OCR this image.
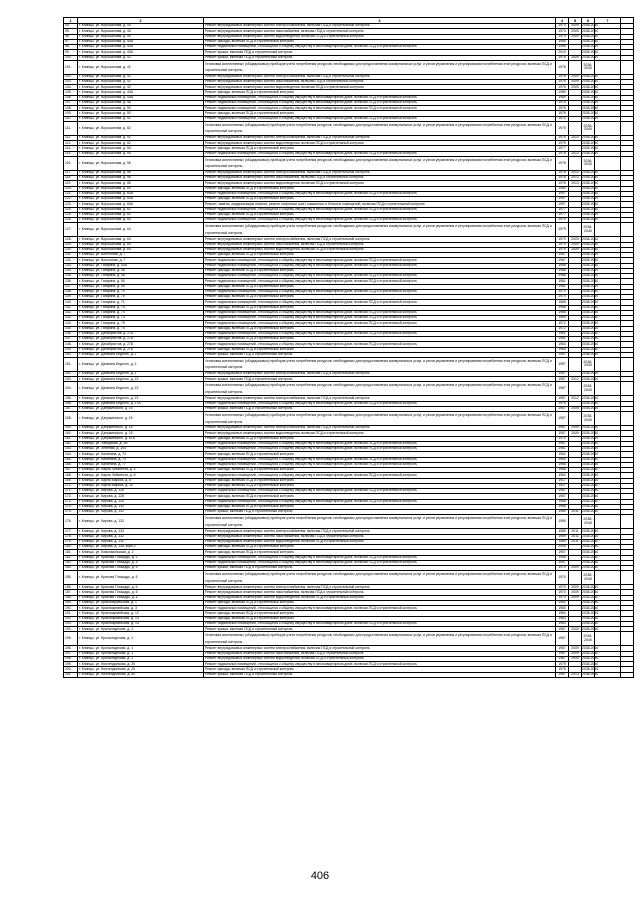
1	2	3	4	5	6	7	
94.	г. Клинцы, ул. Ворошилова, д. 40	Ремонт внутридомовых инженерных систем электроснабжения, включая ПСД и строительный контроль	1973	2009	2038-2040		
95.	г. Клинцы, ул. Ворошилова, д. 40	Ремонт внутридомовых инженерных систем газоснабжения, включая ПСД и строительный контроль	1973	2009	2038-2040		
96.	г. Клинцы, ул. Ворошилова, д. 40	Ремонт внутридомовых инженерных систем водоотведения, включая ПСД и строительный контроль	1973	2009	2038-2040		
97.	г. Клинцы, ул. Ворошилова, д. 40А	Ремонт фасада, включая ПСД и строительный контроль	1985		2038-2040		
98.	г. Клинцы, ул. Ворошилова, д. 40А	Ремонт подвальных помещений, относящихся к общему имуществу в многоквартирном доме, включая ПСД и строительный контроль	1985		2038-2040		
99.	г. Клинцы, ул. Ворошилова, д. 40А	Ремонт крыши, включая ПСД и строительный контроль	2019		2038-2040		
100.	г. Клинцы, ул. Ворошилова, д. 42	Ремонт крыши, включая ПСД и строительный контроль	1976	2009	2038-2040		
101.	г. Клинцы, ул. Ворошилова, д. 42	Установка коллективных (общедомовых) приборов учета потребления ресурсов, необходимых для предоставления коммунальных услуг, и узлов управления и регулирования потребления этих ресурсов, включая ПСД и строительный контроль	1976		2038-2040		
102.	г. Клинцы, ул. Ворошилова, д. 42	Ремонт внутридомовых инженерных систем электроснабжения, включая ПСД и строительный контроль	1976	2009	2038-2040		
103.	г. Клинцы, ул. Ворошилова, д. 42	Ремонт внутридомовых инженерных систем газоснабжения, включая ПСД и строительный контроль	1976	2009	2038-2040		
104.	г. Клинцы, ул. Ворошилова, д. 42	Ремонт внутридомовых инженерных систем водоотведения, включая ПСД и строительный контроль	1976	2009	2038-2040		
105.	г. Клинцы, ул. Ворошилова, д. 44А	Ремонт фасада, включая ПСД и строительный контроль	1989		2038-2040		
106.	г. Клинцы, ул. Ворошилова, д. 44А	Ремонт подвальных помещений, относящихся к общему имуществу в многоквартирном доме, включая ПСД и строительный контроль	1989		2038-2040		
107.	г. Клинцы, ул. Ворошилова, д. 48	Ремонт подвальных помещений, относящихся к общему имуществу в многоквартирном доме, включая ПСД и строительный контроль	1975		2038-2040		
108.	г. Клинцы, ул. Ворошилова, д. 50	Ремонт подвальных помещений, относящихся к общему имуществу в многоквартирном доме, включая ПСД и строительный контроль	1975		2038-2040		
109.	г. Клинцы, ул. Ворошилова, д. 50	Ремонт фасада, включая ПСД и строительный контроль	1975		2038-2040		
110.	г. Клинцы, ул. Ворошилова, д. 52	Ремонт подвальных помещений, относящихся к общему имуществу в многоквартирном доме, включая ПСД и строительный контроль	1975		2038-2040		
111.	г. Клинцы, ул. Ворошилова, д. 52	Установка коллективных (общедомовых) приборов учета потребления ресурсов, необходимых для предоставления коммунальных услуг, и узлов управления и регулирования потребления этих ресурсов, включая ПСД и строительный контроль	1975		2038-2040		
112.	г. Клинцы, ул. Ворошилова, д. 52	Ремонт внутридомовых инженерных систем электроснабжения, включая ПСД и строительный контроль	1975	2010	2038-2040		
113.	г. Клинцы, ул. Ворошилова, д. 52	Ремонт внутридомовых инженерных систем водоотведения, включая ПСД и строительный контроль	1975		2038-2040		
114.	г. Клинцы, ул. Ворошилова, д. 54	Ремонт фасада, включая ПСД и строительный контроль	1977		2038-2040		
115.	г. Клинцы, ул. Ворошилова, д. 54	Ремонт подвальных помещений, относящихся к общему имуществу в многоквартирном доме, включая ПСД и строительный контроль	1978	2013	2038-2040		
116.	г. Клинцы, ул. Ворошилова, д. 56	Установка коллективных (общедомовых) приборов учета потребления ресурсов, необходимых для предоставления коммунальных услуг, и узлов управления и регулирования потребления этих ресурсов, включая ПСД и строительный контроль	1978		2038-2040		
117.	г. Клинцы, ул. Ворошилова, д. 56	Ремонт внутридомовых инженерных систем электроснабжения, включая ПСД и строительный контроль	1978	2013	2038-2040		
118.	г. Клинцы, ул. Ворошилова, д. 56	Ремонт внутридомовых инженерных систем газоснабжения, включая ПСД и строительный контроль	1978	2013	2038-2040		
119.	г. Клинцы, ул. Ворошилова, д. 56	Ремонт внутридомовых инженерных систем водоотведения, включая ПСД и строительный контроль	1978	2013	2038-2040		
120.	г. Клинцы, ул. Ворошилова, д. 60	Ремонт фасада, включая ПСД и строительный контроль	1980		2038-2040		
121.	г. Клинцы, ул. Ворошилова, д. 60А	Ремонт подвальных помещений, относящихся к общему имуществу в многоквартирном доме, включая ПСД и строительный контроль	1997		2038-2040		
122.	г. Клинцы, ул. Ворошилова, д. 60А	Ремонт фасада, включая ПСД и строительный контроль	1997		2038-2040		
123.	г. Клинцы, ул. Ворошилова, д. 60А	Ремонт, замена, модернизация лифтов, ремонт лифтовых шахт, машинных и блочных помещений, включая ПСД и строительный контроль	1997		2038-2040		
124.	г. Клинцы, ул. Ворошилова, д. 62	Ремонт подвальных помещений, относящихся к общему имуществу в многоквартирном доме, включая ПСД и строительный контроль	1977		2038-2040		
125.	г. Клинцы, ул. Ворошилова, д. 62	Ремонт фасада, включая ПСД и строительный контроль	1977		2038-2040		
126.	г. Клинцы, ул. Ворошилова, д. 64	Ремонт подвальных помещений, относящихся к общему имуществу в многоквартирном доме, включая ПСД и строительный контроль	1979		2038-2040		
127.	г. Клинцы, ул. Ворошилова, д. 64	Установка коллективных (общедомовых) приборов учета потребления ресурсов, необходимых для предоставления коммунальных услуг, и узлов управления и регулирования потребления этих ресурсов, включая ПСД и строительный контроль	1979		2038-2040		
128.	г. Клинцы, ул. Ворошилова, д. 64	Ремонт внутридомовых инженерных систем электроснабжения, включая ПСД и строительный контроль	1979	2009	2038-2040		
129.	г. Клинцы, ул. Ворошилова, д. 64	Ремонт внутридомовых инженерных систем газоснабжения, включая ПСД и строительный контроль	1979	2009	2038-2040		
130.	г. Клинцы, ул. Ворошилова, д. 64	Ремонт внутридомовых инженерных систем водоотведения, включая ПСД и строительный контроль	1979	2009	2038-2040		
131.	г. Клинцы, ул. Восточная, д. 7	Ремонт фасада, включая ПСД и строительный контроль	1967		2038-2040		
132.	г. Клинцы, ул. Восточная, д. 7	Ремонт подвальных помещений, относящихся к общему имуществу в многоквартирном доме, включая ПСД и строительный контроль	1967		2038-2040		
133.	г. Клинцы, ул. Гагарина, д. 44А	Ремонт подвальных помещений, относящихся к общему имуществу в многоквартирном доме, включая ПСД и строительный контроль	1958		2038-2040		
134.	г. Клинцы, ул. Гагарина, д. 48	Ремонт фасада, включая ПСД и строительный контроль	1988		2038-2040		
135.	г. Клинцы, ул. Гагарина, д. 48	Ремонт подвальных помещений, относящихся к общему имуществу в многоквартирном доме, включая ПСД и строительный контроль	1988		2038-2040		
136.	г. Клинцы, ул. Гагарина, д. 50	Ремонт подвальных помещений, относящихся к общему имуществу в многоквартирном доме, включая ПСД и строительный контроль	1981		2038-2040		
137.	г. Клинцы, ул. Гагарина, д. 50	Ремонт фасада, включая ПСД и строительный контроль	1981		2038-2040		
138.	г. Клинцы, ул. Гагарина, д. 70	Ремонт подвальных помещений, относящихся к общему имуществу в многоквартирном доме, включая ПСД и строительный контроль	1970		2038-2040		
139.	г. Клинцы, ул. Гагарина, д. 70	Ремонт фасада, включая ПСД и строительный контроль	1970		2038-2040		
140.	г. Клинцы, ул. Гагарина, д. 71	Ремонт подвальных помещений, относящихся к общему имуществу в многоквартирном доме, включая ПСД и строительный контроль	1965		2038-2040		
141.	г. Клинцы, ул. Гагарина, д. 74	Ремонт фасада, включая ПСД и строительный контроль	1966		2038-2040		
142.	г. Клинцы, ул. Гагарина, д. 74	Ремонт подвальных помещений, относящихся к общему имуществу в многоквартирном доме, включая ПСД и строительный контроль	1966		2038-2040		
143.	г. Клинцы, ул. Гагарина, д. 74	Ремонт подвальных помещений, относящихся к общему имуществу в многоквартирном доме, включая ПСД и строительный контроль	1969		2038-2040		
144.	г. Клинцы, ул. Гагарина, д. 75	Ремонт подвальных помещений, относящихся к общему имуществу в многоквартирном доме, включая ПСД и строительный контроль	1972		2038-2040		
145.	г. Клинцы, ул. Гагарина, д. 75	Ремонт фасада, включая ПСД и строительный контроль	1972		2038-2040		
146.	г. Клинцы, ул. Декабристов, д. 27А	Ремонт подвальных помещений, относящихся к общему имуществу в многоквартирном доме, включая ПСД и строительный контроль	1961		2038-2040		
147.	г. Клинцы, ул. Декабристов, д. 27А	Ремонт фасада, включая ПСД и строительный контроль	1961		2038-2040		
148.	г. Клинцы, ул. Декабристов, д. 27Б	Ремонт подвальных помещений, относящихся к общему имуществу в многоквартирном доме, включая ПСД и строительный контроль	1964		2038-2040		
149.	г. Клинцы, ул. Декабристов, д. 27Б	Ремонт фасада, включая ПСД и строительный контроль	1964		2038-2040		
150.	г. Клинцы, ул. Демьяна Бедного, д. 2	Ремонт крыши, включая ПСД и строительный контроль	1957		2038-2040		
151.	г. Клинцы, ул. Демьяна Бедного, д. 2	Установка коллективных (общедомовых) приборов учета потребления ресурсов, необходимых для предоставления коммунальных услуг, и узлов управления и регулирования потребления этих ресурсов, включая ПСД и строительный контроль	1957		2038-2040		
152.	г. Клинцы, ул. Демьяна Бедного, д. 2	Ремонт внутридомовых инженерных систем электроснабжения, включая ПСД и строительный контроль	1957		2038-2040		
153.	г. Клинцы, ул. Демьяна Бедного, д. 23	Ремонт крыши, включая ПСД и строительный контроль	1987	2012	2038-2040		
154.	г. Клинцы, ул. Демьяна Бедного, д. 23	Установка коллективных (общедомовых) приборов учета потребления ресурсов, необходимых для предоставления коммунальных услуг, и узлов управления и регулирования потребления этих ресурсов, включая ПСД и строительный контроль	1987		2038-2040		
155.	г. Клинцы, ул. Демьяна Бедного, д. 23	Ремонт внутридомовых инженерных систем электроснабжения, включая ПСД и строительный контроль	1987	2012	2038-2040		
156.	г. Клинцы, ул. Демьяна Бедного, д. 27А	Ремонт подвальных помещений, относящихся к общему имуществу в многоквартирном доме, включая ПСД и строительный контроль	1976		2038-2040		
157.	г. Клинцы, ул. Дзержинского, д. 15	Ремонт крыши, включая ПСД и строительный контроль	1957	2009	2038-2040		
158.	г. Клинцы, ул. Дзержинского, д. 15	Установка коллективных (общедомовых) приборов учета потребления ресурсов, необходимых для предоставления коммунальных услуг, и узлов управления и регулирования потребления этих ресурсов, включая ПСД и строительный контроль	1957		2038-2040		
159.	г. Клинцы, ул. Дзержинского, д. 15	Ремонт внутридомовых инженерных систем электроснабжения, включая ПСД и строительный контроль	1957	2009	2038-2040		
160.	г. Клинцы, ул. Дзержинского, д. 15	Ремонт внутридомовых инженерных систем водоотведения, включая ПСД и строительный контроль	1957	2009	2038-2040		
161.	г. Клинцы, ул. Дзержинского, д. 67А	Ремонт фасада, включая ПСД и строительный контроль	1970		2038-2040		
162.	г. Клинцы, ул. Заводская, д. 3А	Ремонт подвальных помещений, относящихся к общему имуществу в многоквартирном доме, включая ПСД и строительный контроль	1967		2038-2040		
163.	г. Клинцы, ул. Зеленая, д. 104	Ремонт подвальных помещений, относящихся к общему имуществу в многоквартирном доме, включая ПСД и строительный контроль	1961		2038-2040		
164.	г. Клинцы, ул. Калинина, д. 74	Ремонт фасада, включая ПСД и строительный контроль	1962		2038-2040		
165.	г. Клинцы, ул. Калинина, д. 74	Ремонт подвальных помещений, относящихся к общему имуществу в многоквартирном доме, включая ПСД и строительный контроль	1960		2038-2040		
166.	г. Клинцы, ул. Калинина, д. 77	Ремонт подвальных помещений, относящихся к общему имуществу в многоквартирном доме, включая ПСД и строительный контроль	1958		2038-2040		
167.	г. Клинцы, ул. Карла Либкнехта, д. 4	Ремонт фасада, включая ПСД и строительный контроль	1966		2038-2040		
168.	г. Клинцы, ул. Карла Либкнехта, д. 6	Ремонт подвальных помещений, относящихся к общему имуществу в многоквартирном доме, включая ПСД и строительный контроль	1960		2038-2040		
169.	г. Клинцы, ул. Карла Маркса, д. 8	Ремонт фасада, включая ПСД и строительный контроль	1917		2038-2040		
170.	г. Клинцы, ул. Карла Маркса, д. 10	Ремонт фасада, включая ПСД и строительный контроль	1917		2038-2040		
171.	г. Клинцы, ул. Кирова, д. 128	Ремонт подвальных помещений, относящихся к общему имуществу в многоквартирном доме, включая ПСД и строительный контроль	1967		2038-2040		
172.	г. Клинцы, ул. Кирова, д. 128	Ремонт фасада, включая ПСД и строительный контроль	1967		2038-2040		
173.	г. Клинцы, ул. Кирова, д. 130	Ремонт подвальных помещений, относящихся к общему имуществу в многоквартирном доме, включая ПСД и строительный контроль	1968		2038-2040		
174.	г. Клинцы, ул. Кирова, д. 130	Ремонт фасада, включая ПСД и строительный контроль	1968		2038-2040		
175.	г. Клинцы, ул. Кирова, д. 132	Ремонт крыши, включая ПСД и строительный контроль	1989	2011	2038-2040		
176.	г. Клинцы, ул. Кирова, д. 132	Установка коллективных (общедомовых) приборов учета потребления ресурсов, необходимых для предоставления коммунальных услуг, и узлов управления и регулирования потребления этих ресурсов, включая ПСД и строительный контроль	1989		2038-2040		
177.	г. Клинцы, ул. Кирова, д. 132	Ремонт внутридомовых инженерных систем электроснабжения, включая ПСД и строительный контроль	1989	2011	2038-2040		
178.	г. Клинцы, ул. Кирова, д. 132	Ремонт внутридомовых инженерных систем газоснабжения, включая ПСД и строительный контроль	1989	2011	2038-2040		
179.	г. Клинцы, ул. Кирова, д. 132	Ремонт внутридомовых инженерных систем водоотведения, включая ПСД и строительный контроль	1989	2011	2038-2040		
180.	г. Клинцы, ул. Кирова, д. 138, корп.2	Ремонт фасада, включая ПСД и строительный контроль	2006		2038-2040		
181.	г. Клинцы, ул. Комсомольская, д. 2	Ремонт фасада, включая ПСД и строительный контроль	1957		2038-2040		
182.	г. Клинцы, ул. Красная Площадь, д. 2	Ремонт подвальных помещений, относящихся к общему имуществу в многоквартирном доме, включая ПСД и строительный контроль	1956		2038-2040		
183.	г. Клинцы, ул. Красная Площадь, д. 4	Ремонт подвальных помещений, относящихся к общему имуществу в многоквартирном доме, включая ПСД и строительный контроль	1957		2038-2040		
184.	г. Клинцы, ул. Красная Площадь, д. 6	Ремонт крыши, включая ПСД и строительный контроль	1970	2009	2038-2040		
185.	г. Клинцы, ул. Красная Площадь, д. 6	Установка коллективных (общедомовых) приборов учета потребления ресурсов, необходимых для предоставления коммунальных услуг, и узлов управления и регулирования потребления этих ресурсов, включая ПСД и строительный контроль	1970		2038-2040		
186.	г. Клинцы, ул. Красная Площадь, д. 6	Ремонт внутридомовых инженерных систем электроснабжения, включая ПСД и строительный контроль	1970	2009	2038-2040		
187.	г. Клинцы, ул. Красная Площадь, д. 6	Ремонт внутридомовых инженерных систем газоснабжения, включая ПСД и строительный контроль	1970	2009	2038-2040		
188.	г. Клинцы, ул. Красная Площадь, д. 6	Ремонт внутридомовых инженерных систем водоотведения, включая ПСД и строительный контроль	1970	2009	2038-2040		
189.	г. Клинцы, ул. Красноармейская, д. 1	Ремонт фасада, включая ПСД и строительный контроль	1962		2038-2040		
190.	г. Клинцы, ул. Красноармейская, д. 3	Ремонт подвальных помещений, относящихся к общему имуществу в многоквартирном доме, включая ПСД и строительный контроль	1960		2038-2040		
191.	г. Клинцы, ул. Красноармейская, д. 12	Ремонт фасада, включая ПСД и строительный контроль	1960		2038-2040		
192.	г. Клинцы, ул. Красноармейская, д. 14	Ремонт фасада, включая ПСД и строительный контроль	1963		2038-2040		
193.	г. Клинцы, ул. Красноармейская, д. 14	Ремонт подвальных помещений, относящихся к общему имуществу в многоквартирном доме, включая ПСД и строительный контроль	1963		2038-2040		
194.	г. Клинцы, ул. Кронштадтская, д. 1	Ремонт крыши, включая ПСД и строительный контроль	1967	2009	2038-2040		
195.	г. Клинцы, ул. Кронштадтская, д. 1	Установка коллективных (общедомовых) приборов учета потребления ресурсов, необходимых для предоставления коммунальных услуг, и узлов управления и регулирования потребления этих ресурсов, включая ПСД и строительный контроль	1967		2038-2040		
196.	г. Клинцы, ул. Кронштадтская, д. 1	Ремонт внутридомовых инженерных систем электроснабжения, включая ПСД и строительный контроль	1967	2009	2038-2040		
197.	г. Клинцы, ул. Кронштадтская, д. 1	Ремонт внутридомовых инженерных систем газоснабжения, включая ПСД и строительный контроль	1967	2009	2038-2040		
198.	г. Клинцы, ул. Кронштадтская, д. 1	Ремонт внутридомовых инженерных систем водоотведения, включая ПСД и строительный контроль	1967	2009	2038-2040		
199.	г. Клинцы, ул. Кюстендилская, д. 25	Ремонт подвальных помещений, относящихся к общему имуществу в многоквартирном доме, включая ПСД и строительный контроль	1975		2038-2040		
200.	г. Клинцы, ул. Кюстендилская, д. 25	Ремонт фасада, включая ПСД и строительный контроль	1975		2038-2040		
201.	г. Клинцы, ул. Кюстендилская, д. 50	Ремонт крыши, включая ПСД и строительный контроль	1987	2013	2038-2040		
406
